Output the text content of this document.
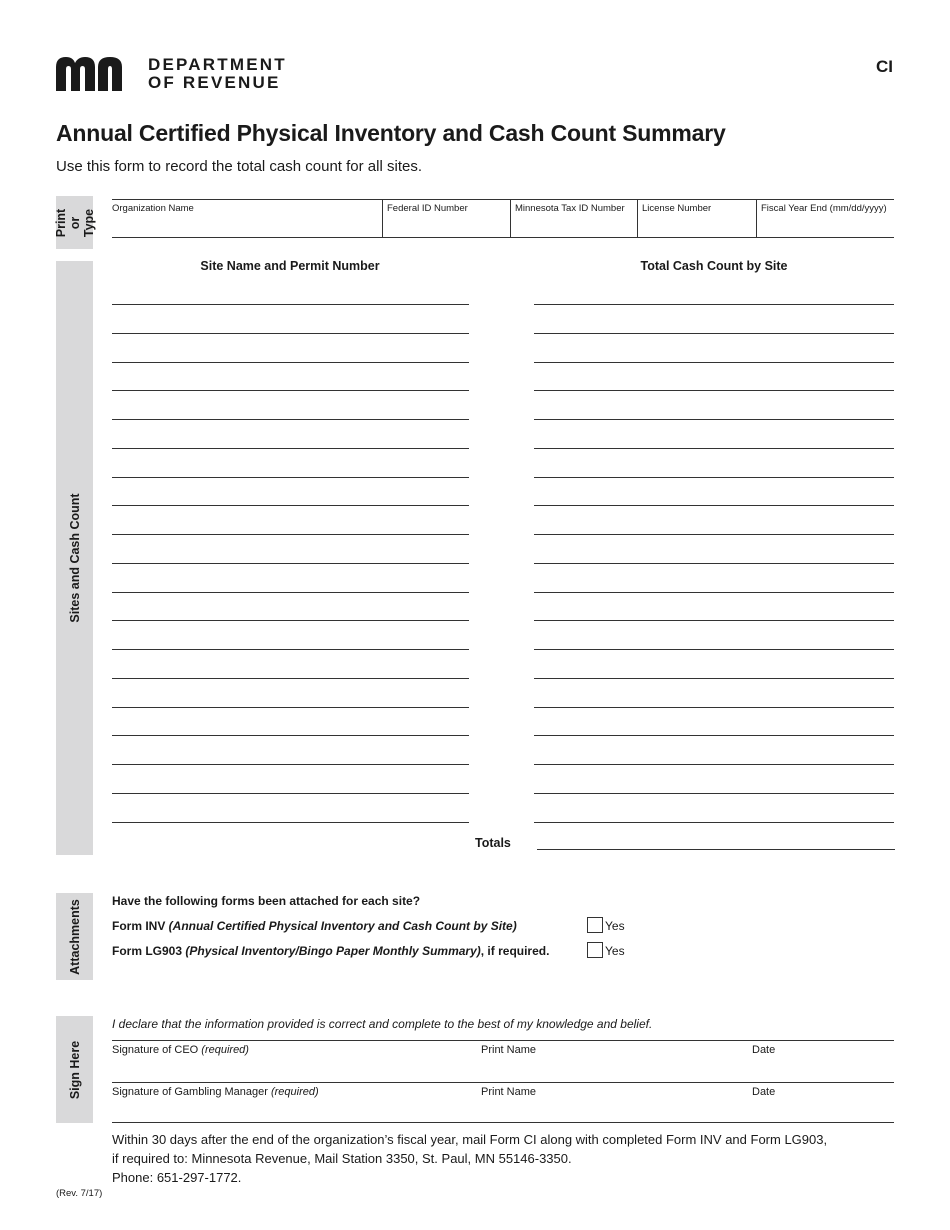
DEPARTMENT
OF REVENUE
CI
Annual Certified Physical Inventory and Cash Count Summary
Use this form to record the total cash count for all sites.
Print or Type
Sites and Cash Count
Attachments
Sign Here
Organization Name	Federal ID Number	Minnesota Tax ID Number	License Number	Fiscal Year End (mm/dd/yyyy)
Site Name and Permit Number	Total Cash Count by Site
Totals
Have the following forms been attached for each site?
Form INV (Annual Certified Physical Inventory and Cash Count by Site)	Yes
Form LG903 (Physical Inventory/Bingo Paper Monthly Summary), if required.	Yes
I declare that the information provided is correct and complete to the best of my knowledge and belief.
Signature of CEO (required)	Print Name	Date
Signature of Gambling Manager (required)	Print Name	Date
Within 30 days after the end of the organization’s fiscal year, mail Form CI along with completed Form INV and Form LG903,
if required to: Minnesota Revenue, Mail Station 3350, St. Paul, MN 55146-3350.
Phone: 651-297-1772.
(Rev. 7/17)
